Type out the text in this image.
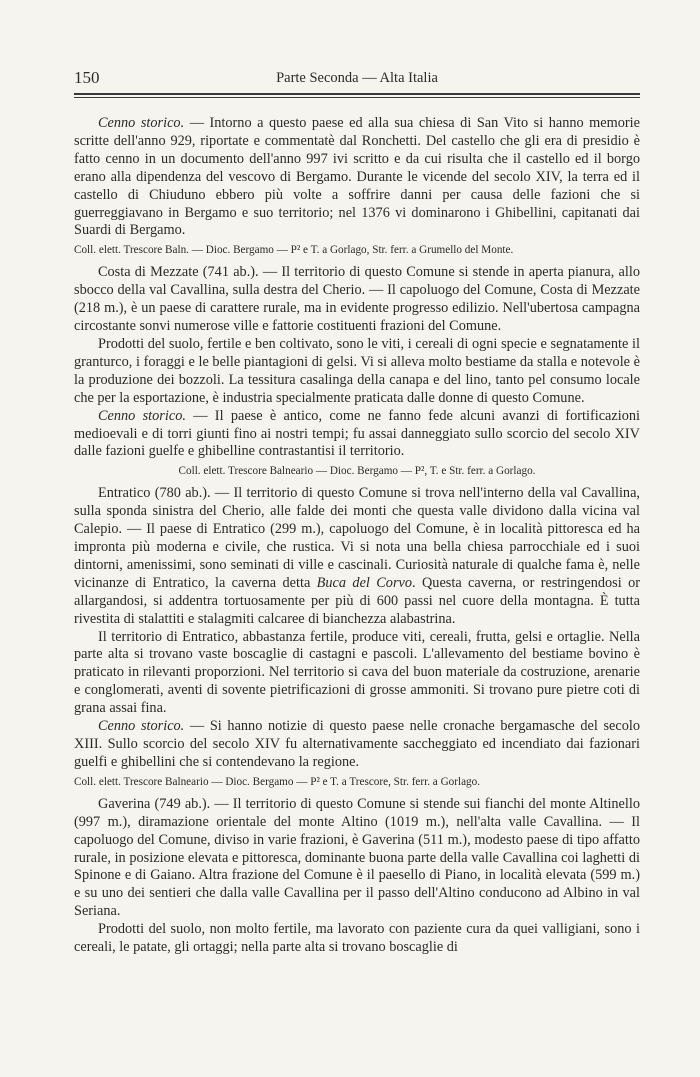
150	Parte Seconda — Alta Italia

Cenno storico. — Intorno a questo paese ed alla sua chiesa di San Vito si hanno memorie scritte dell'anno 929, riportate e commentatè dal Ronchetti. Del castello che gli era di presidio è fatto cenno in un documento dell'anno 997 ivi scritto e da cui risulta che il castello ed il borgo erano alla dipendenza del vescovo di Bergamo. Durante le vicende del secolo XIV, la terra ed il castello di Chiuduno ebbero più volte a soffrire danni per causa delle fazioni che si guerreggiavano in Bergamo e suo territorio; nel 1376 vi dominarono i Ghibellini, capitanati dai Suardi di Bergamo.

Coll. elett. Trescore Baln. — Dioc. Bergamo — P² e T. a Gorlago, Str. ferr. a Grumello del Monte.

Costa di Mezzate (741 ab.). — Il territorio di questo Comune si stende in aperta pianura, allo sbocco della val Cavallina, sulla destra del Cherio. — Il capoluogo del Comune, Costa di Mezzate (218 m.), è un paese di carattere rurale, ma in evidente progresso edilizio. Nell'ubertosa campagna circostante sonvi numerose ville e fattorie costituenti frazioni del Comune.

Prodotti del suolo, fertile e ben coltivato, sono le viti, i cereali di ogni specie e segnatamente il granturco, i foraggi e le belle piantagioni di gelsi. Vi si alleva molto bestiame da stalla e notevole è la produzione dei bozzoli. La tessitura casalinga della canapa e del lino, tanto pel consumo locale che per la esportazione, è industria specialmente praticata dalle donne di questo Comune.

Cenno storico. — Il paese è antico, come ne fanno fede alcuni avanzi di fortificazioni medioevali e di torri giunti fino ai nostri tempi; fu assai danneggiato sullo scorcio del secolo XIV dalle fazioni guelfe e ghibelline contrastantisi il territorio.

Coll. elett. Trescore Balneario — Dioc. Bergamo — P², T. e Str. ferr. a Gorlago.

Entratico (780 ab.). — Il territorio di questo Comune si trova nell'interno della val Cavallina, sulla sponda sinistra del Cherio, alle falde dei monti che questa valle dividono dalla vicina val Calepio. — Il paese di Entratico (299 m.), capoluogo del Comune, è in località pittoresca ed ha impronta più moderna e civile, che rustica. Vi si nota una bella chiesa parrocchiale ed i suoi dintorni, amenissimi, sono seminati di ville e cascinali. Curiosità naturale di qualche fama è, nelle vicinanze di Entratico, la caverna detta Buca del Corvo. Questa caverna, or restringendosi or allargandosi, si addentra tortuosamente per più di 600 passi nel cuore della montagna. È tutta rivestita di stalattiti e stalagmiti calcaree di bianchezza alabastrina.

Il territorio di Entratico, abbastanza fertile, produce viti, cereali, frutta, gelsi e ortaglie. Nella parte alta si trovano vaste boscaglie di castagni e pascoli. L'allevamento del bestiame bovino è praticato in rilevanti proporzioni. Nel territorio si cava del buon materiale da costruzione, arenarie e conglomerati, aventi di sovente pietrificazioni di grosse ammoniti. Si trovano pure pietre coti di grana assai fina.

Cenno storico. — Si hanno notizie di questo paese nelle cronache bergamasche del secolo XIII. Sullo scorcio del secolo XIV fu alternativamente saccheggiato ed incendiato dai fazionari guelfi e ghibellini che si contendevano la regione.

Coll. elett. Trescore Balneario — Dioc. Bergamo — P² e T. a Trescore, Str. ferr. a Gorlago.

Gaverina (749 ab.). — Il territorio di questo Comune si stende sui fianchi del monte Altinello (997 m.), diramazione orientale del monte Altino (1019 m.), nell'alta valle Cavallina. — Il capoluogo del Comune, diviso in varie frazioni, è Gaverina (511 m.), modesto paese di tipo affatto rurale, in posizione elevata e pittoresca, dominante buona parte della valle Cavallina coi laghetti di Spinone e di Gaiano. Altra frazione del Comune è il paesello di Piano, in località elevata (599 m.) e su uno dei sentieri che dalla valle Cavallina per il passo dell'Altino conducono ad Albino in val Seriana.

Prodotti del suolo, non molto fertile, ma lavorato con paziente cura da quei valligiani, sono i cereali, le patate, gli ortaggi; nella parte alta si trovano boscaglie di
